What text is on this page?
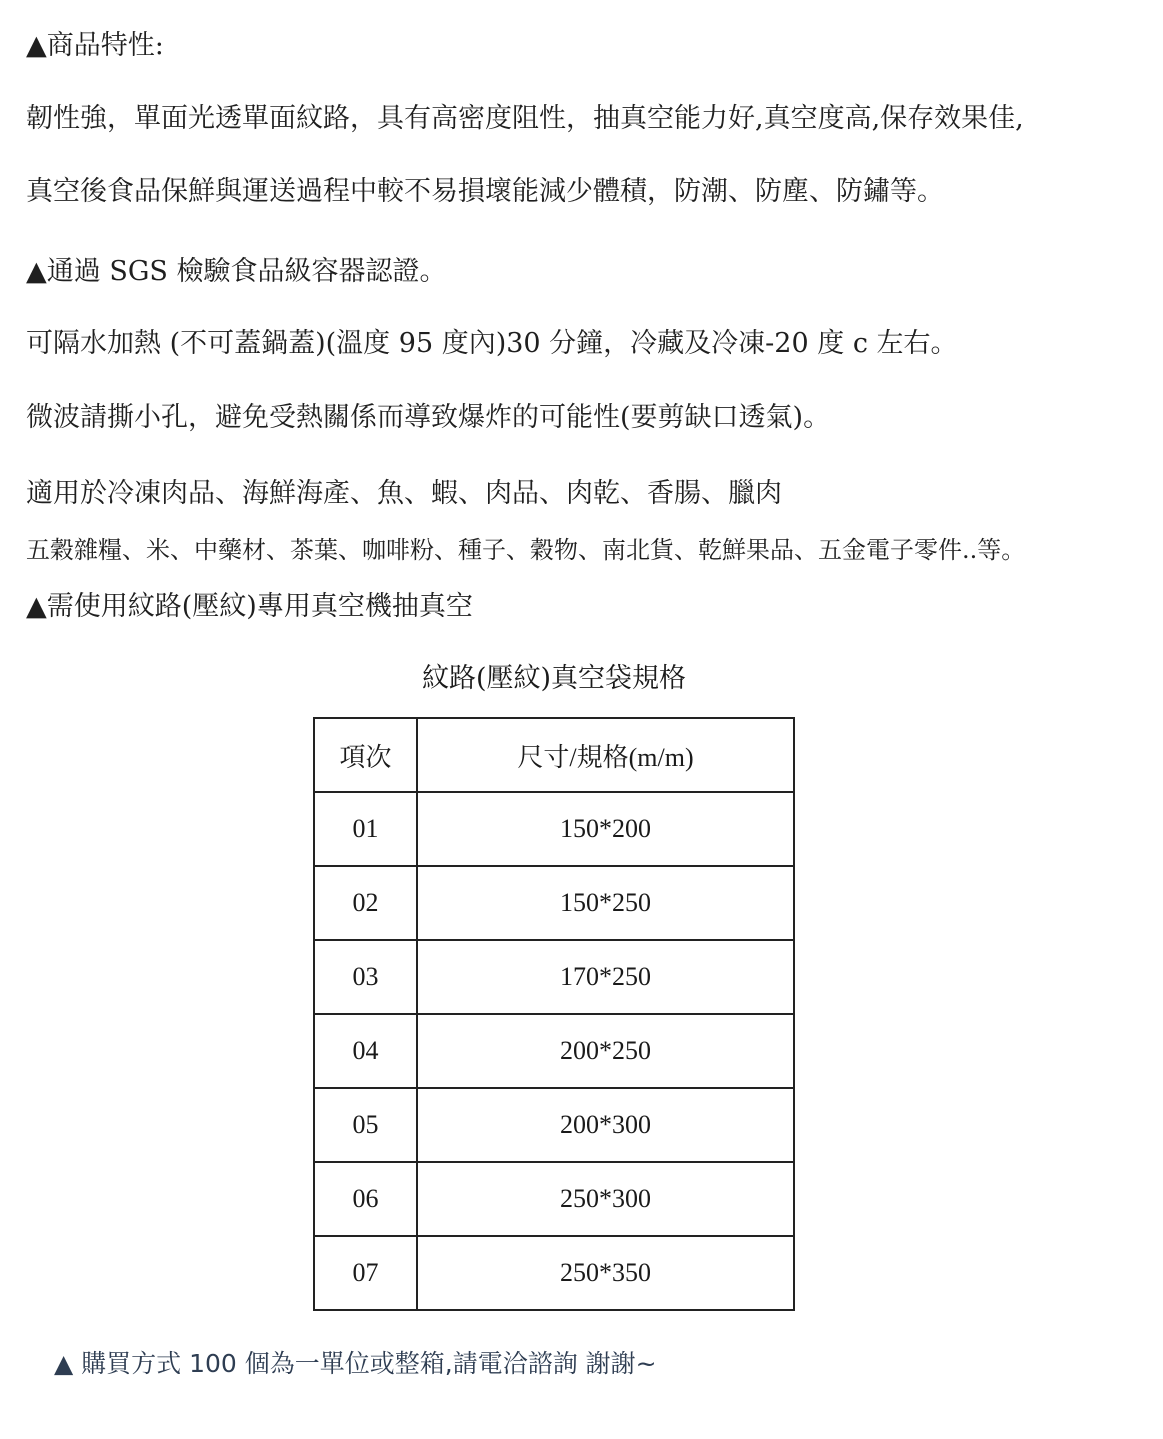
▲商品特性:

韌性強，單面光透單面紋路，具有高密度阻性，抽真空能力好,真空度高,保存效果佳,

真空後食品保鮮與運送過程中較不易損壞能減少體積，防潮、防塵、防鏽等。

▲通過 SGS 檢驗食品級容器認證。

可隔水加熱 (不可蓋鍋蓋)(溫度 95 度內)30 分鐘，冷藏及冷凍-20 度 c 左右。

微波請撕小孔，避免受熱關係而導致爆炸的可能性(要剪缺口透氣)。

適用於冷凍肉品、海鮮海產、魚、蝦、肉品、肉乾、香腸、臘肉

五穀雜糧、米、中藥材、茶葉、咖啡粉、種子、穀物、南北貨、乾鮮果品、五金電子零件..等。

▲需使用紋路(壓紋)專用真空機抽真空

紋路(壓紋)真空袋規格

項次	尺寸/規格(m/m)
01	150*200
02	150*250
03	170*250
04	200*250
05	200*300
06	250*300
07	250*350

▲ 購買方式 100 個為一單位或整箱,請電洽諮詢 謝謝~
